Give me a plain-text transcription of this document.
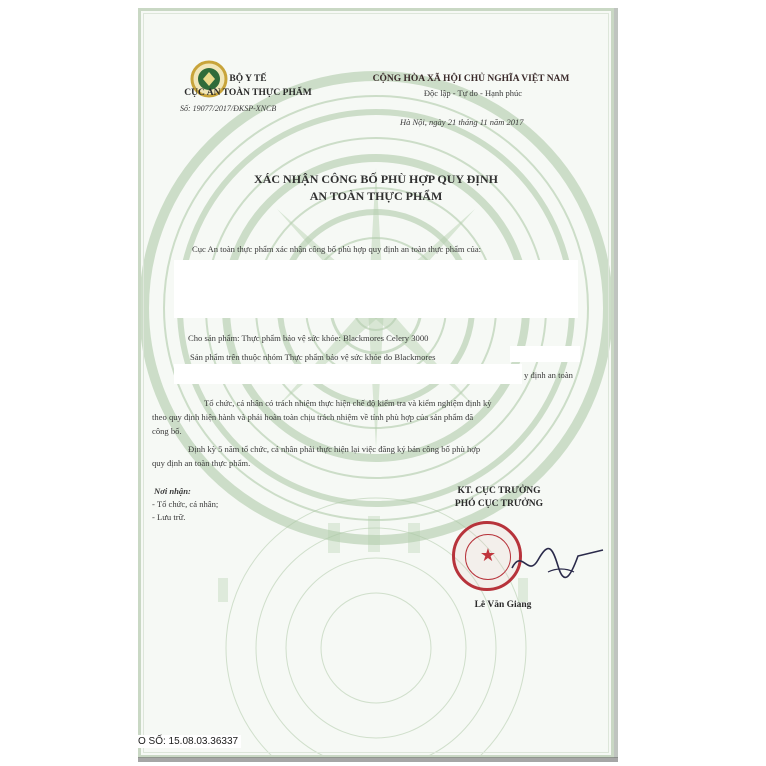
BỘ Y TẾ
CỤC AN TOÀN THỰC PHẨM
Số: 19077/2017/ĐKSP-XNCB
CỘNG HÒA XÃ HỘI CHỦ NGHĨA VIỆT NAM
Độc lập - Tự do - Hạnh phúc
Hà Nội, ngày 21 tháng 11 năm 2017
XÁC NHẬN CÔNG BỐ PHÙ HỢP QUY ĐỊNH
AN TOÀN THỰC PHẨM
Cục An toàn thực phẩm xác nhận công bố phù hợp quy định an toàn thực phẩm của:
Cho sản phẩm: Thực phẩm bảo vệ sức khỏe: Blackmores Celery 3000
Sản phẩm trên thuộc nhóm Thực phẩm bảo vệ sức khỏe do Blackmores
y định an toàn
Tổ chức, cá nhân có trách nhiệm thực hiện chế độ kiểm tra và kiểm nghiệm định kỳ
theo quy định hiện hành và phải hoàn toàn chịu trách nhiệm về tính phù hợp của sản phẩm đã
công bố.
Định kỳ 5 năm tổ chức, cá nhân phải thực hiện lại việc đăng ký bản công bố phù hợp
quy định an toàn thực phẩm.
Nơi nhận:
- Tổ chức, cá nhân;
- Lưu trữ.
KT. CỤC TRƯỞNG
PHÓ CỤC TRƯỞNG
★
Lê Văn Giang
O SỐ: 15.08.03.36337
